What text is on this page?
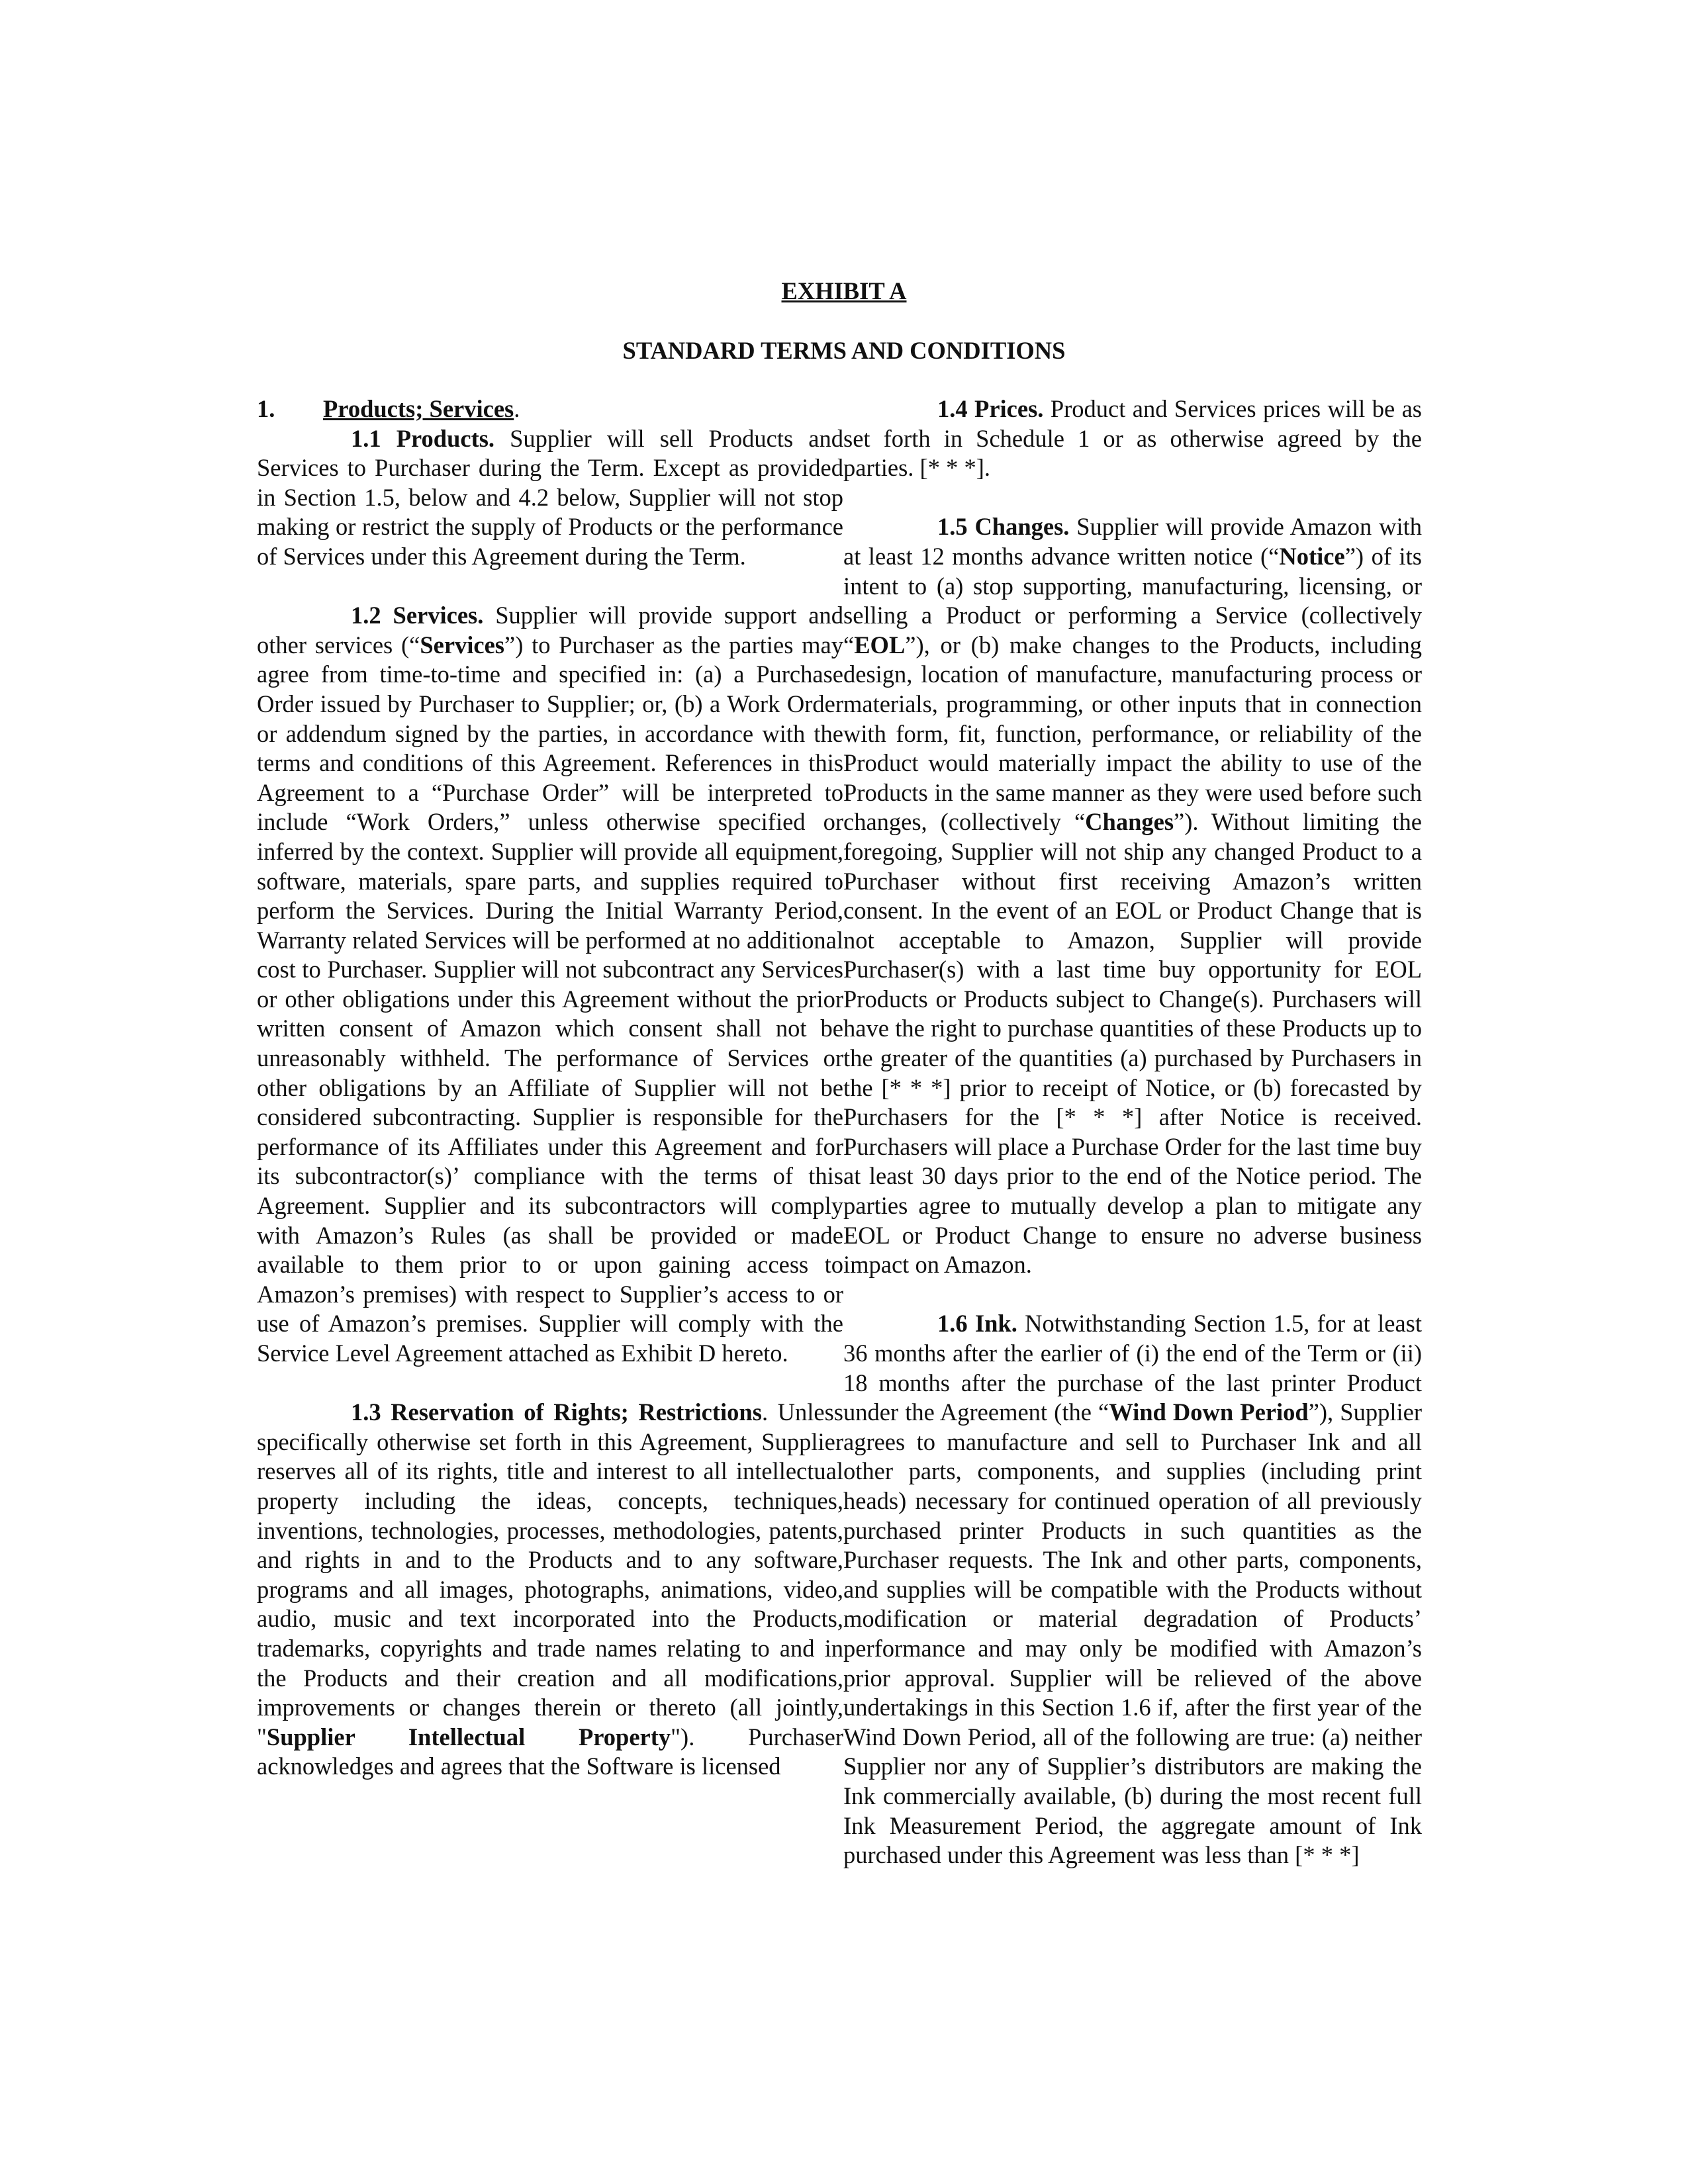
EXHIBIT A
STANDARD TERMS AND CONDITIONS

1. Products; Services.

1.1 Products. Supplier will sell Products and Services to Purchaser during the Term. Except as provided in Section 1.5, below and 4.2 below, Supplier will not stop making or restrict the supply of Products or the performance of Services under this Agreement during the Term.

1.2 Services. Supplier will provide support and other services (“Services”) to Purchaser as the parties may agree from time-to-time and specified in: (a) a Purchase Order issued by Purchaser to Supplier; or, (b) a Work Order or addendum signed by the parties, in accordance with the terms and conditions of this Agreement. References in this Agreement to a “Purchase Order” will be interpreted to include “Work Orders,” unless otherwise specified or inferred by the context. Supplier will provide all equipment, software, materials, spare parts, and supplies required to perform the Services. During the Initial Warranty Period, Warranty related Services will be performed at no additional cost to Purchaser. Supplier will not subcontract any Services or other obligations under this Agreement without the prior written consent of Amazon which consent shall not be unreasonably withheld. The performance of Services or other obligations by an Affiliate of Supplier will not be considered subcontracting. Supplier is responsible for the performance of its Affiliates under this Agreement and for its subcontractor(s)’ compliance with the terms of this Agreement. Supplier and its subcontractors will comply with Amazon’s Rules (as shall be provided or made available to them prior to or upon gaining access to Amazon’s premises) with respect to Supplier’s access to or use of Amazon’s premises. Supplier will comply with the Service Level Agreement attached as Exhibit D hereto.

1.3 Reservation of Rights; Restrictions. Unless specifically otherwise set forth in this Agreement, Supplier reserves all of its rights, title and interest to all intellectual property including the ideas, concepts, techniques, inventions, technologies, processes, methodologies, patents, and rights in and to the Products and to any software, programs and all images, photographs, animations, video, audio, music and text incorporated into the Products, trademarks, copyrights and trade names relating to and in the Products and their creation and all modifications, improvements or changes therein or thereto (all jointly, "Supplier Intellectual Property"). Purchaser acknowledges and agrees that the Software is licensed

1.4 Prices. Product and Services prices will be as set forth in Schedule 1 or as otherwise agreed by the parties. [* * *].

1.5 Changes. Supplier will provide Amazon with at least 12 months advance written notice (“Notice”) of its intent to (a) stop supporting, manufacturing, licensing, or selling a Product or performing a Service (collectively “EOL”), or (b) make changes to the Products, including design, location of manufacture, manufacturing process or materials, programming, or other inputs that in connection with form, fit, function, performance, or reliability of the Product would materially impact the ability to use of the Products in the same manner as they were used before such changes, (collectively “Changes”). Without limiting the foregoing, Supplier will not ship any changed Product to a Purchaser without first receiving Amazon’s written consent. In the event of an EOL or Product Change that is not acceptable to Amazon, Supplier will provide Purchaser(s) with a last time buy opportunity for EOL Products or Products subject to Change(s). Purchasers will have the right to purchase quantities of these Products up to the greater of the quantities (a) purchased by Purchasers in the [* * *] prior to receipt of Notice, or (b) forecasted by Purchasers for the [* * *] after Notice is received. Purchasers will place a Purchase Order for the last time buy at least 30 days prior to the end of the Notice period. The parties agree to mutually develop a plan to mitigate any EOL or Product Change to ensure no adverse business impact on Amazon.

1.6 Ink. Notwithstanding Section 1.5, for at least 36 months after the earlier of (i) the end of the Term or (ii) 18 months after the purchase of the last printer Product under the Agreement (the “Wind Down Period”), Supplier agrees to manufacture and sell to Purchaser Ink and all other parts, components, and supplies (including print heads) necessary for continued operation of all previously purchased printer Products in such quantities as the Purchaser requests. The Ink and other parts, components, and supplies will be compatible with the Products without modification or material degradation of Products’ performance and may only be modified with Amazon’s prior approval. Supplier will be relieved of the above undertakings in this Section 1.6 if, after the first year of the Wind Down Period, all of the following are true: (a) neither Supplier nor any of Supplier’s distributors are making the Ink commercially available, (b) during the most recent full Ink Measurement Period, the aggregate amount of Ink purchased under this Agreement was less than [* * *]
